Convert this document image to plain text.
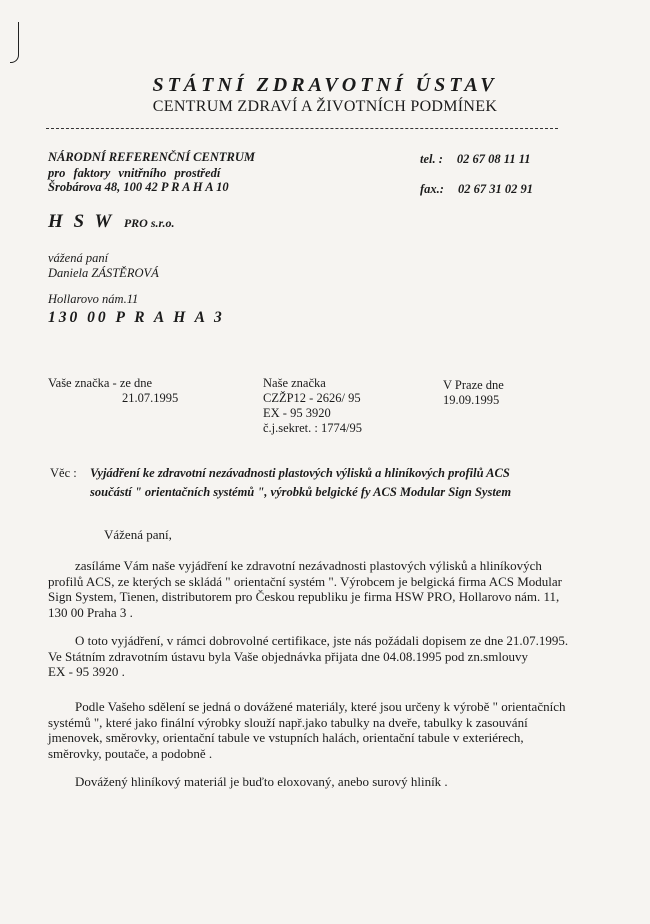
STÁTNÍ ZDRAVOTNÍ ÚSTAV
CENTRUM ZDRAVÍ A ŽIVOTNÍCH PODMÍNEK
NÁRODNÍ REFERENČNÍ CENTRUM
pro faktory vnitřního prostředí
Šrobárova 48, 100 42 P R A H A 10
tel. : 02 67 08 11 11
fax.: 02 67 31 02 91
H S W PRO s.r.o.
vážená paní
Daniela ZÁSTĚROVÁ
Hollarovo nám.11
130 00 P R A H A 3
Vaše značka - ze dne
21.07.1995
Naše značka
CZŽP12 - 2626/ 95
EX - 95 3920
č.j.sekret. : 1774/95
V Praze dne
19.09.1995
Věc : Vyjádření ke zdravotní nezávadnosti plastových výlisků a hliníkových profilů ACS
součástí " orientačních systémů ", výrobků belgické fy ACS Modular Sign System
Vážená paní,
zasíláme Vám naše vyjádření ke zdravotní nezávadnosti plastových výlisků a hliníkových
profilů ACS, ze kterých se skládá " orientační systém ". Výrobcem je belgická firma ACS Modular
Sign System, Tienen, distributorem pro Českou republiku je firma HSW PRO, Hollarovo nám. 11,
130 00 Praha 3 .
O toto vyjádření, v rámci dobrovolné certifikace, jste nás požádali dopisem ze dne 21.07.1995.
Ve Státním zdravotním ústavu byla Vaše objednávka přijata dne 04.08.1995 pod zn.smlouvy
EX - 95 3920 .
Podle Vašeho sdělení se jedná o dovážené materiály, které jsou určeny k výrobě " orientačních
systémů ", které jako finální výrobky slouží např.jako tabulky na dveře, tabulky k zasouvání
jmenovek, směrovky, orientační tabule ve vstupních halách, orientační tabule v exteriérech,
směrovky, poutače, a podobně .
Dovážený hliníkový materiál je buďto eloxovaný, anebo surový hliník .
